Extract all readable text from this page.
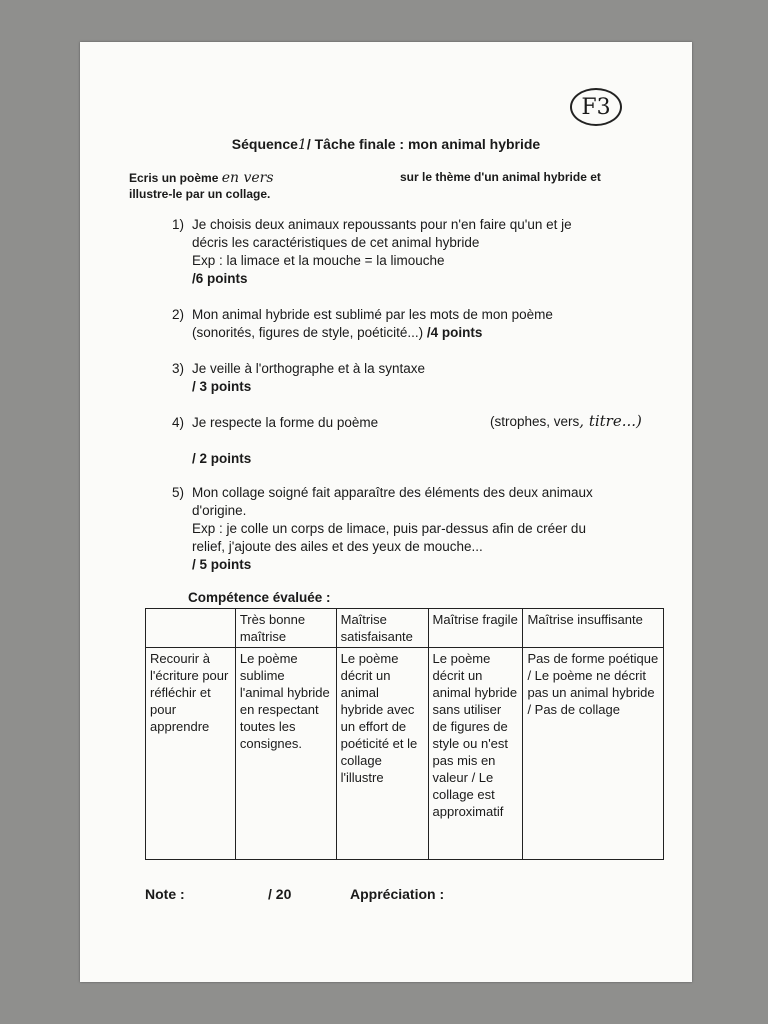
F3
Séquence1/ Tâche finale : mon animal hybride
Ecris un poème en vers	sur le thème d'un animal hybride et
illustre-le par un collage.
1) Je choisis deux animaux repoussants pour n'en faire qu'un et je
décris les caractéristiques de cet animal hybride
Exp : la limace et la mouche = la limouche
/6 points
2) Mon animal hybride est sublimé par les mots de mon poème
(sonorités, figures de style, poéticité...) /4 points
3) Je veille à l'orthographe et à la syntaxe
/ 3 points
4) Je respecte la forme du poème
/ 2 points
(strophes, vers, titre...)
5) Mon collage soigné fait apparaître des éléments des deux animaux
d'origine.
Exp : je colle un corps de limace, puis par-dessus afin de créer du
relief, j'ajoute des ailes et des yeux de mouche...
/ 5 points
Compétence évaluée :
	Très bonne maîtrise	Maîtrise satisfaisante	Maîtrise fragile	Maîtrise insuffisante
Recourir à l'écriture pour réfléchir et pour apprendre	Le poème sublime l'animal hybride en respectant toutes les consignes.	Le poème décrit un animal hybride avec un effort de poéticité et le collage l'illustre	Le poème décrit un animal hybride sans utiliser de figures de style ou n'est pas mis en valeur / Le collage est approximatif	Pas de forme poétique / Le poème ne décrit pas un animal hybride / Pas de collage
Note :	/ 20	Appréciation :
